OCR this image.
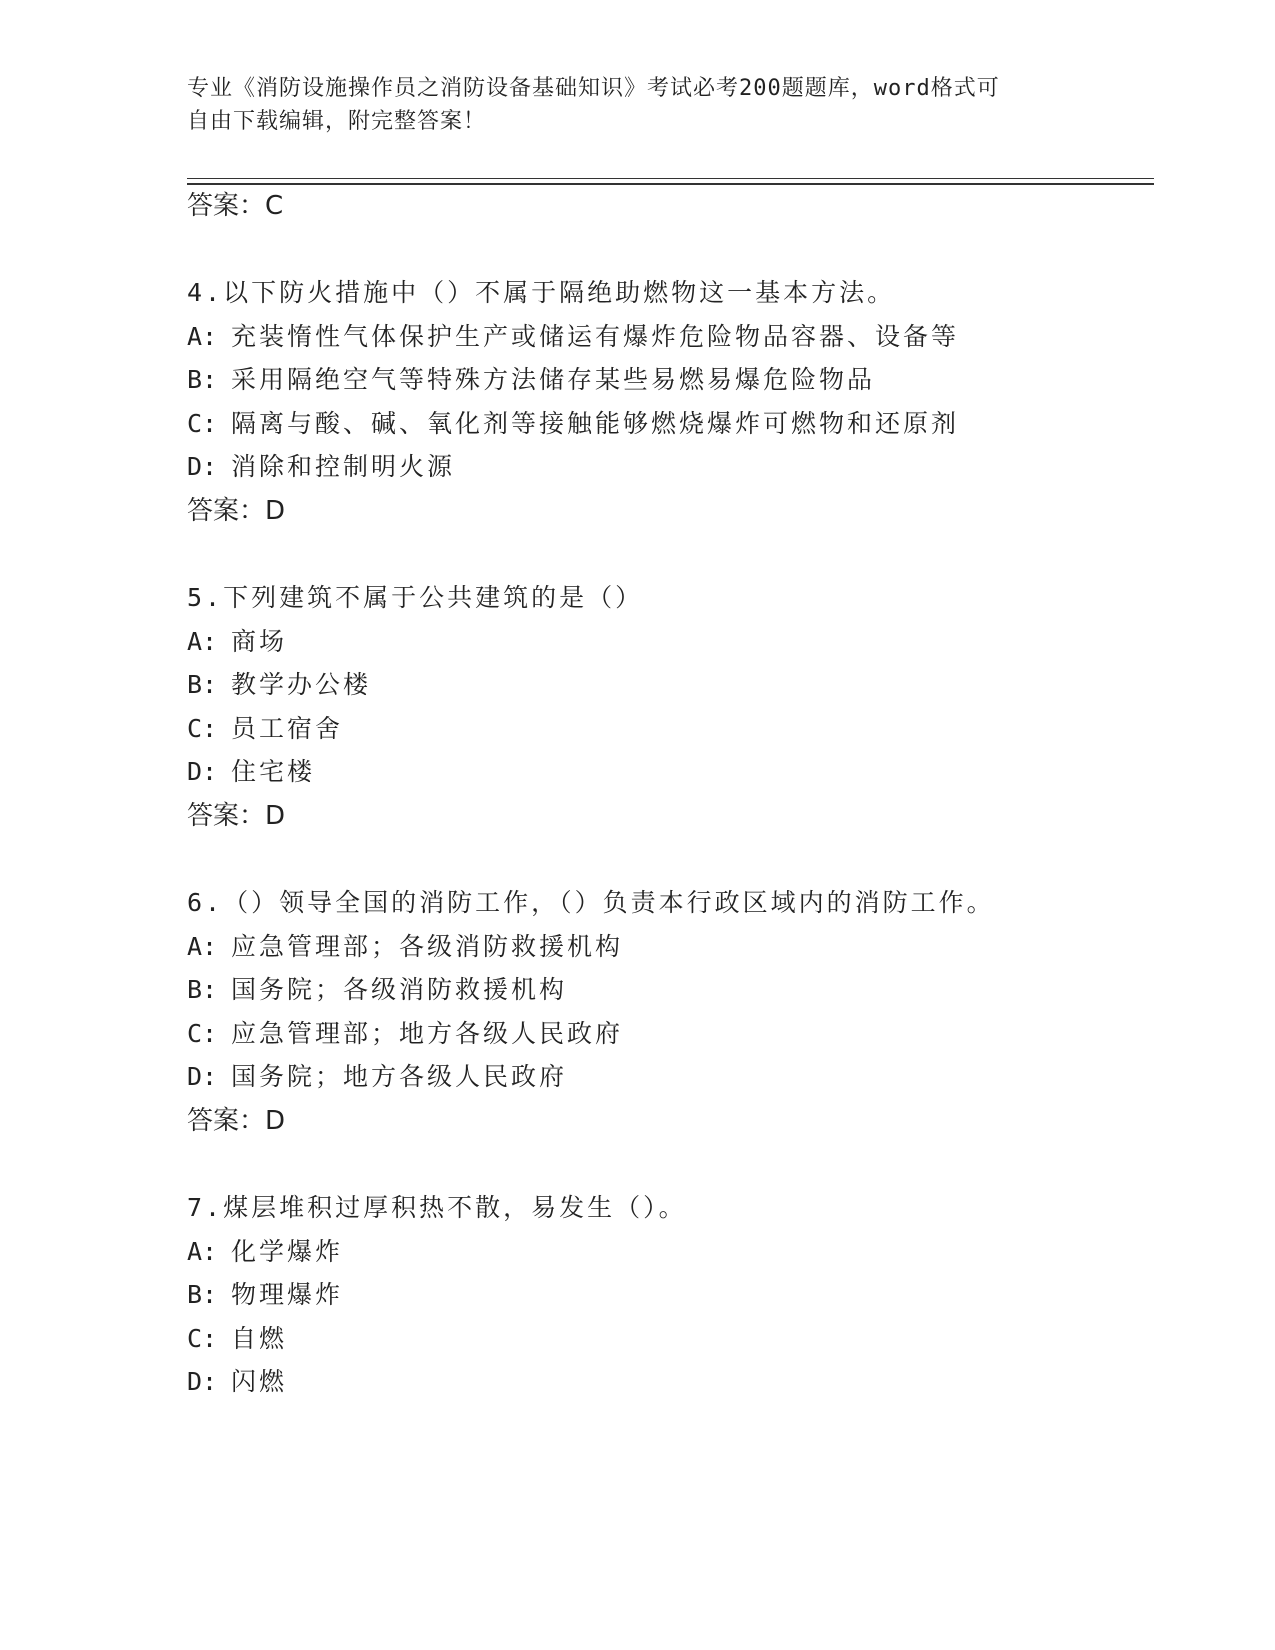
专业《消防设施操作员之消防设备基础知识》考试必考200题题库，word格式可
自由下载编辑，附完整答案！
答案：C
4.以下防火措施中（）不属于隔绝助燃物这一基本方法。
A: 充装惰性气体保护生产或储运有爆炸危险物品容器、设备等
B: 采用隔绝空气等特殊方法储存某些易燃易爆危险物品
C: 隔离与酸、碱、氧化剂等接触能够燃烧爆炸可燃物和还原剂
D: 消除和控制明火源
答案：D
5.下列建筑不属于公共建筑的是（）
A: 商场
B: 教学办公楼
C: 员工宿舍
D: 住宅楼
答案：D
6.（）领导全国的消防工作，（）负责本行政区域内的消防工作。
A: 应急管理部；各级消防救援机构
B: 国务院；各级消防救援机构
C: 应急管理部；地方各级人民政府
D: 国务院；地方各级人民政府
答案：D
7.煤层堆积过厚积热不散，易发生（）。
A: 化学爆炸
B: 物理爆炸
C: 自燃
D: 闪燃
